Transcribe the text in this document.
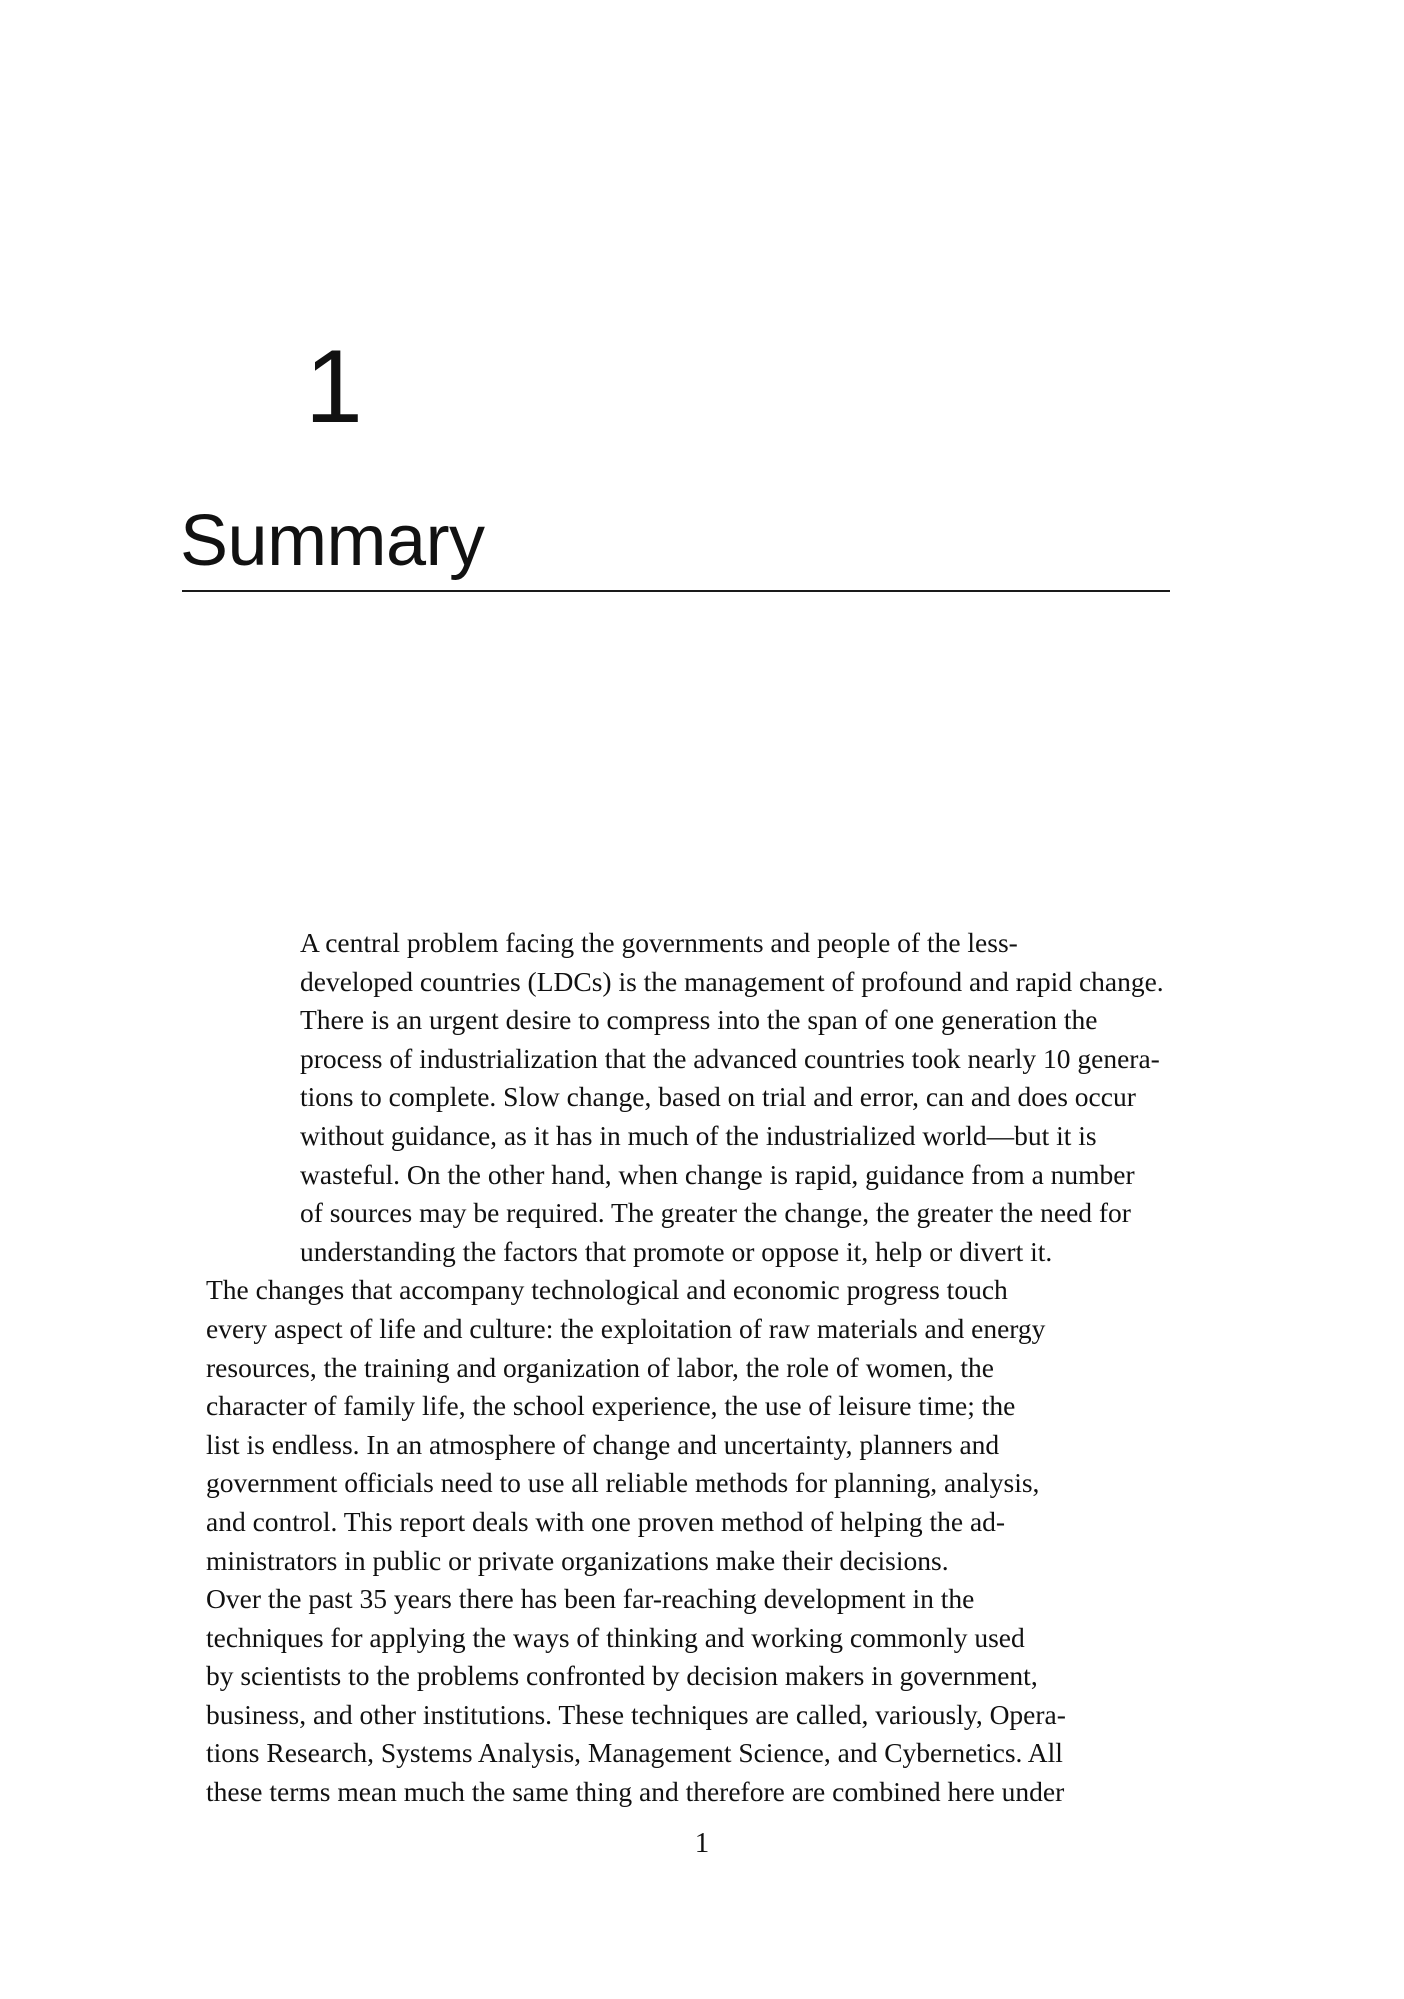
1
Summary

A central problem facing the governments and people of the less-
developed countries (LDCs) is the management of profound and rapid change.
There is an urgent desire to compress into the span of one generation the
process of industrialization that the advanced countries took nearly 10 genera-
tions to complete. Slow change, based on trial and error, can and does occur
without guidance, as it has in much of the industrialized world—but it is
wasteful. On the other hand, when change is rapid, guidance from a number
of sources may be required. The greater the change, the greater the need for
understanding the factors that promote or oppose it, help or divert it.

The changes that accompany technological and economic progress touch
every aspect of life and culture: the exploitation of raw materials and energy
resources, the training and organization of labor, the role of women, the
character of family life, the school experience, the use of leisure time; the
list is endless. In an atmosphere of change and uncertainty, planners and
government officials need to use all reliable methods for planning, analysis,
and control. This report deals with one proven method of helping the ad-
ministrators in public or private organizations make their decisions.

Over the past 35 years there has been far-reaching development in the
techniques for applying the ways of thinking and working commonly used
by scientists to the problems confronted by decision makers in government,
business, and other institutions. These techniques are called, variously, Opera-
tions Research, Systems Analysis, Management Science, and Cybernetics. All
these terms mean much the same thing and therefore are combined here under

1
